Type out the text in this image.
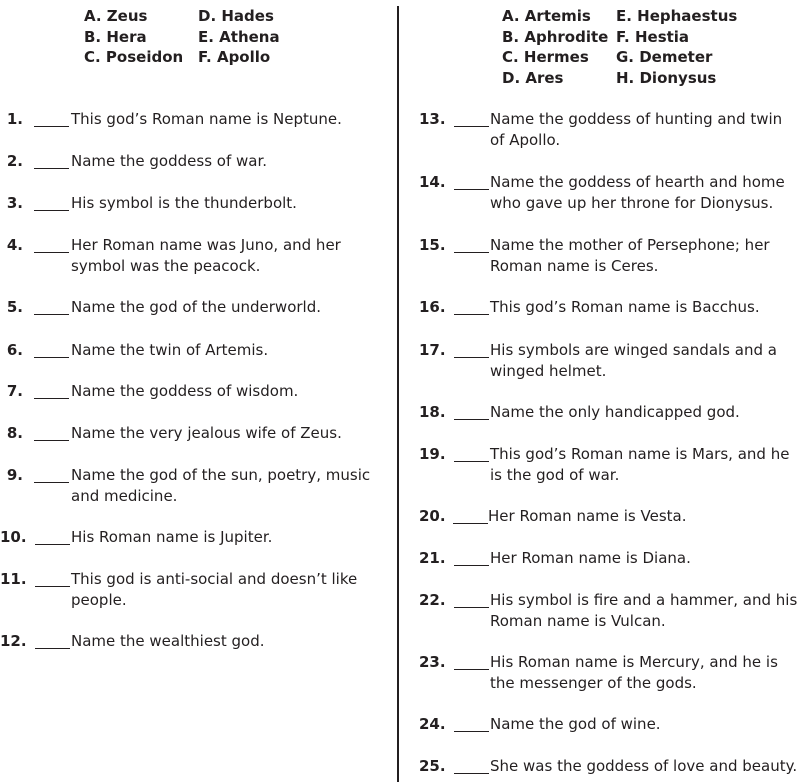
A. Zeus	D. Hades
B. Hera	E. Athena
C. Poseidon F. Apollo
A. Artemis	E. Hephaestus
B. Aphrodite F. Hestia
C. Hermes	G. Demeter
D. Ares	H. Dionysus
1.	This god’s Roman name is Neptune.
2.	Name the goddess of war.
3.	His symbol is the thunderbolt.
4.	Her Roman name was Juno, and her symbol was the peacock.
5.	Name the god of the underworld.
6.	Name the twin of Artemis.
7.	Name the goddess of wisdom.
8.	Name the very jealous wife of Zeus.
9.	Name the god of the sun, poetry, music and medicine.
10.	His Roman name is Jupiter.
11.	This god is anti-social and doesn’t like people.
12.	Name the wealthiest god.
13.	Name the goddess of hunting and twin of Apollo.
14.	Name the goddess of hearth and home who gave up her throne for Dionysus.
15.	Name the mother of Persephone; her Roman name is Ceres.
16.	This god’s Roman name is Bacchus.
17.	His symbols are winged sandals and a winged helmet.
18.	Name the only handicapped god.
19.	This god’s Roman name is Mars, and he is the god of war.
20.	Her Roman name is Vesta.
21.	Her Roman name is Diana.
22.	His symbol is fire and a hammer, and his Roman name is Vulcan.
23.	His Roman name is Mercury, and he is the messenger of the gods.
24.	Name the god of wine.
25.	She was the goddess of love and beauty.
